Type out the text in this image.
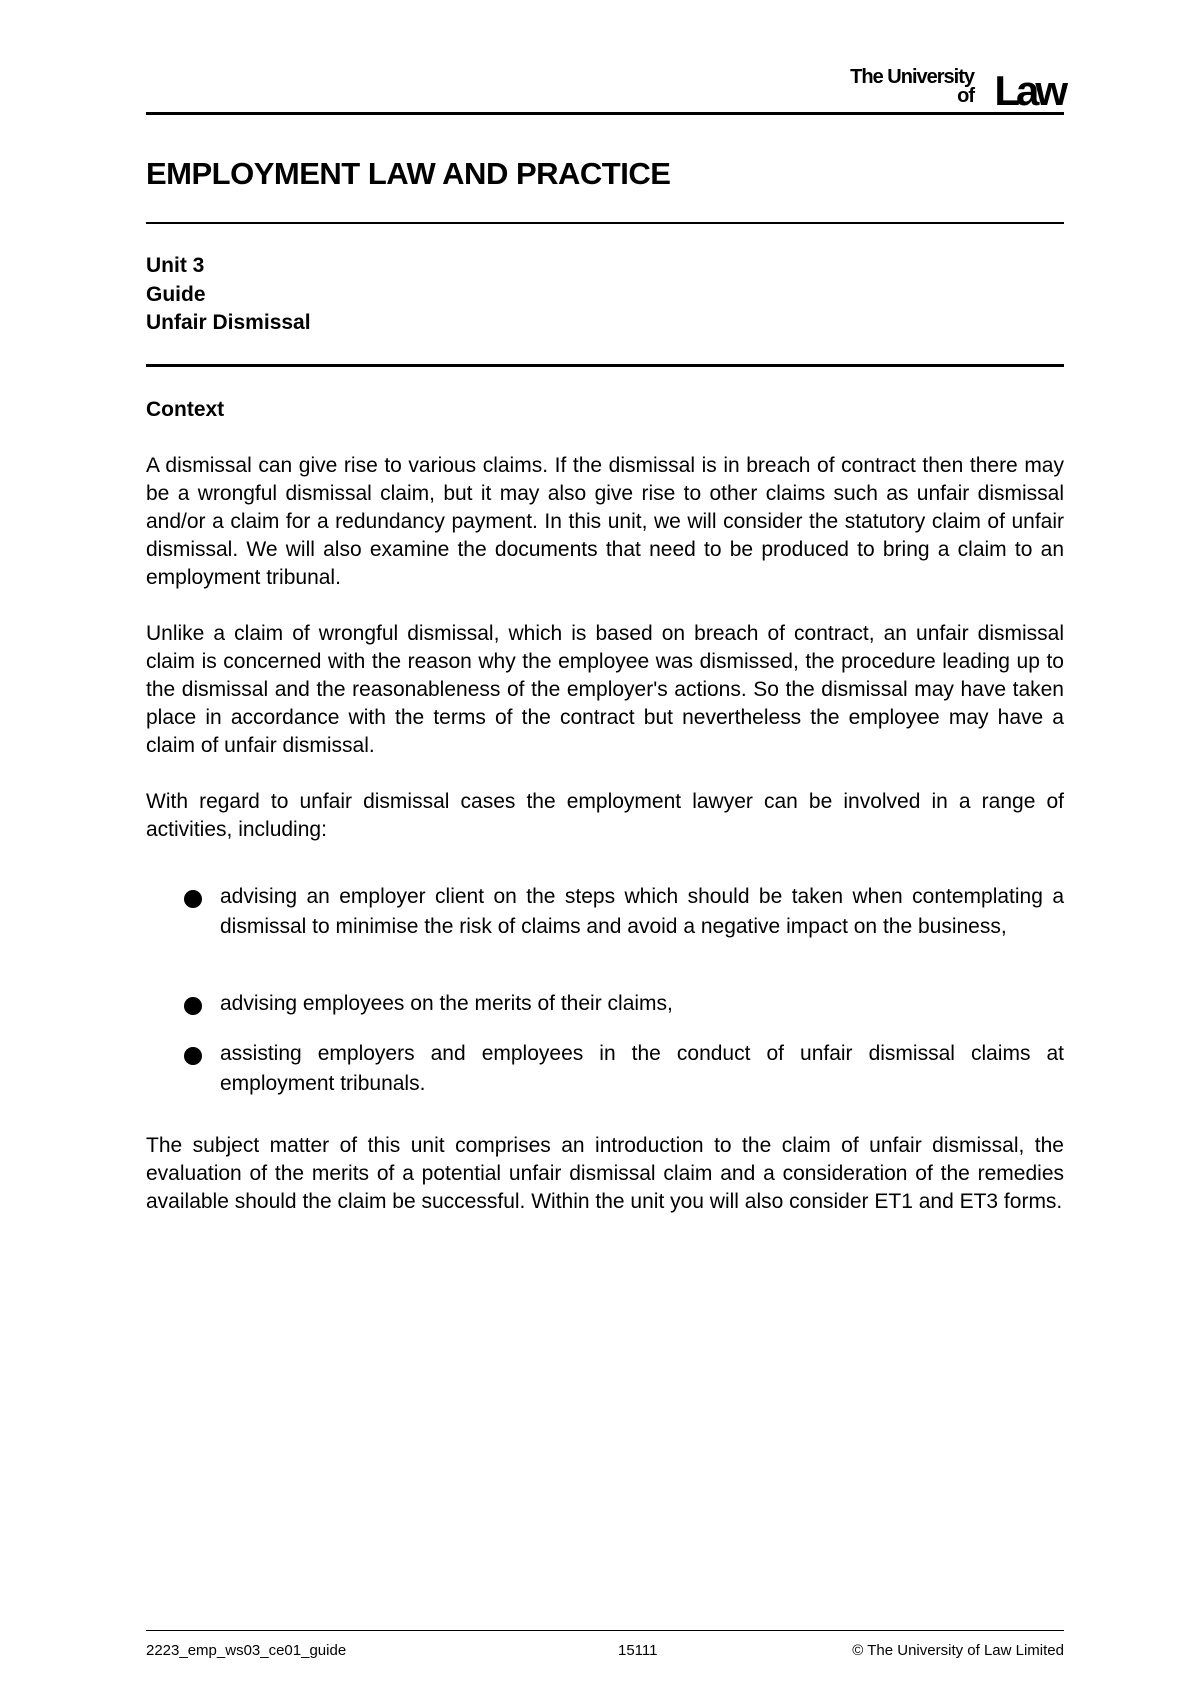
The University
of Law
EMPLOYMENT LAW AND PRACTICE
Unit 3
Guide
Unfair Dismissal
Context

A dismissal can give rise to various claims. If the dismissal is in breach of contract then there may be a wrongful dismissal claim, but it may also give rise to other claims such as unfair dismissal and/or a claim for a redundancy payment. In this unit, we will consider the statutory claim of unfair dismissal. We will also examine the documents that need to be produced to bring a claim to an employment tribunal.

Unlike a claim of wrongful dismissal, which is based on breach of contract, an unfair dismissal claim is concerned with the reason why the employee was dismissed, the procedure leading up to the dismissal and the reasonableness of the employer's actions. So the dismissal may have taken place in accordance with the terms of the contract but nevertheless the employee may have a claim of unfair dismissal.

With regard to unfair dismissal cases the employment lawyer can be involved in a range of activities, including:

advising an employer client on the steps which should be taken when contemplating a dismissal to minimise the risk of claims and avoid a negative impact on the business,
advising employees on the merits of their claims,
assisting employers and employees in the conduct of unfair dismissal claims at employment tribunals.

The subject matter of this unit comprises an introduction to the claim of unfair dismissal, the evaluation of the merits of a potential unfair dismissal claim and a consideration of the remedies available should the claim be successful. Within the unit you will also consider ET1 and ET3 forms.

2223_emp_ws03_ce01_guide	15111	© The University of Law Limited
